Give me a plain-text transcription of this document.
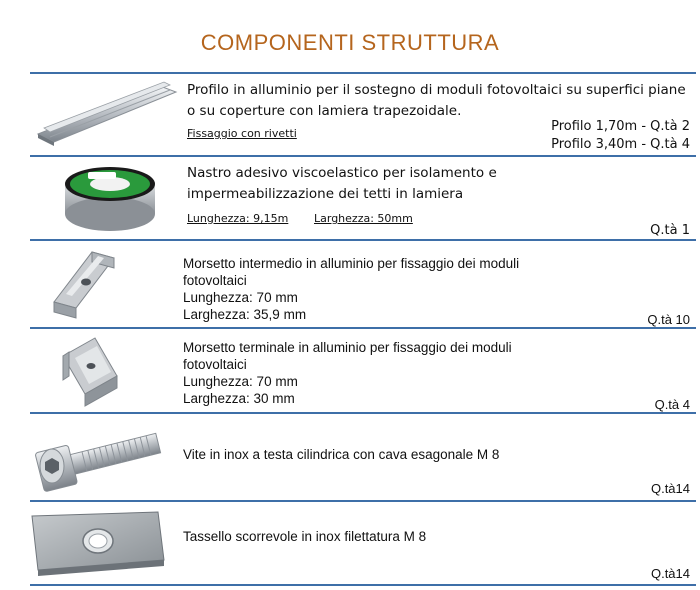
COMPONENTI STRUTTURA
Profilo in alluminio per il sostegno di moduli fotovoltaici su superfici piane o su coperture con lamiera trapezoidale.
Fissaggio con rivetti	Profilo 1,70m - Q.tà 2
Profilo 3,40m - Q.tà 4
Nastro adesivo viscoelastico per isolamento e impermeabilizzazione dei tetti in lamiera
Lunghezza: 9,15m Larghezza: 50mm
Q.tà 1
Morsetto intermedio in alluminio per fissaggio dei moduli
fotovoltaici
Lunghezza: 70 mm
Larghezza: 35,9 mm	Q.tà 10
Morsetto terminale in alluminio per fissaggio dei moduli
fotovoltaici
Lunghezza: 70 mm
Larghezza: 30 mm	Q.tà 4
Vite in inox a testa cilindrica con cava esagonale M 8
Q.tà14
Tassello scorrevole in inox filettatura M 8
Q.tà14
